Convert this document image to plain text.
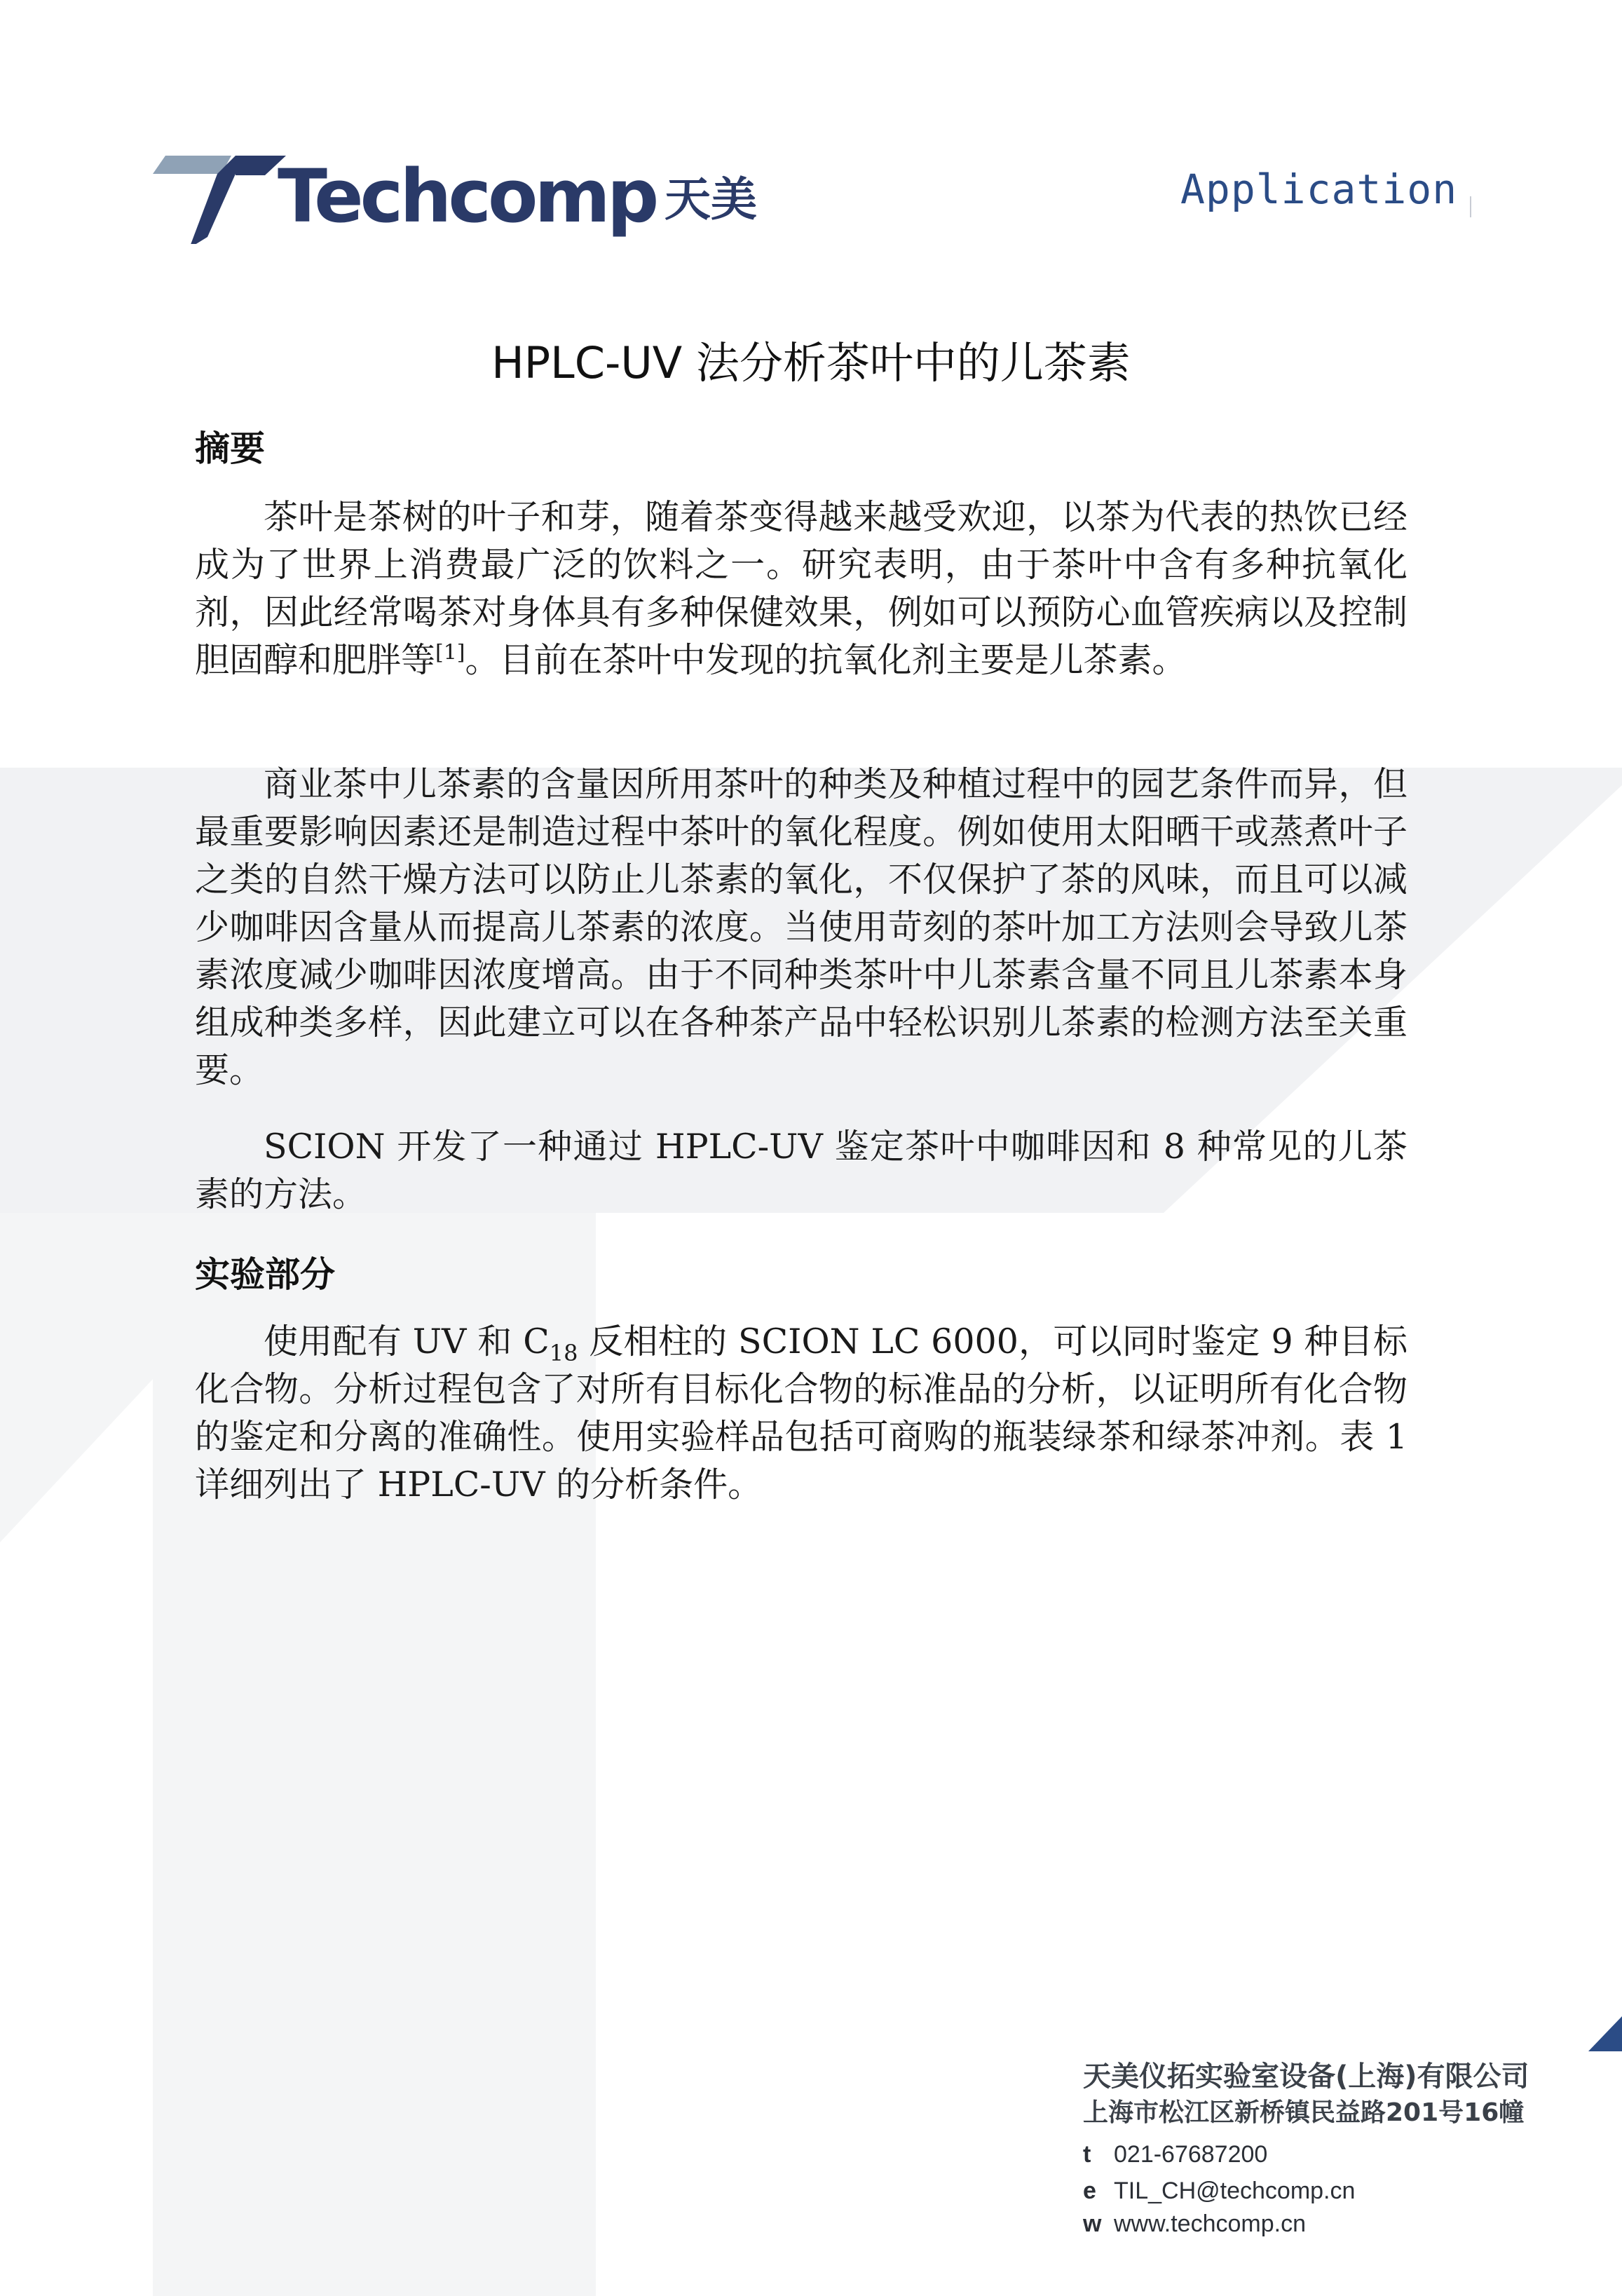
Techcomp 天美	Application
HPLC-UV 法分析茶叶中的儿茶素
摘要

茶叶是茶树的叶子和芽，随着茶变得越来越受欢迎，以茶为代表的热饮已经成为了世界上消费最广泛的饮料之一。研究表明，由于茶叶中含有多种抗氧化剂，因此经常喝茶对身体具有多种保健效果，例如可以预防心血管疾病以及控制胆固醇和肥胖等[1]。目前在茶叶中发现的抗氧化剂主要是儿茶素。

商业茶中儿茶素的含量因所用茶叶的种类及种植过程中的园艺条件而异，但最重要影响因素还是制造过程中茶叶的氧化程度。例如使用太阳晒干或蒸煮叶子之类的自然干燥方法可以防止儿茶素的氧化，不仅保护了茶的风味，而且可以减少咖啡因含量从而提高儿茶素的浓度。当使用苛刻的茶叶加工方法则会导致儿茶素浓度减少咖啡因浓度增高。由于不同种类茶叶中儿茶素含量不同且儿茶素本身组成种类多样，因此建立可以在各种茶产品中轻松识别儿茶素的检测方法至关重要。

SCION 开发了一种通过 HPLC-UV 鉴定茶叶中咖啡因和 8 种常见的儿茶素的方法。

实验部分

使用配有 UV 和 $C_{18}$ 反相柱的 SCION LC 6000，可以同时鉴定 9 种目标化合物。分析过程包含了对所有目标化合物的标准品的分析，以证明所有化合物的鉴定和分离的准确性。使用实验样品包括可商购的瓶装绿茶和绿茶冲剂。表 1 详细列出了 HPLC-UV 的分析条件。

天美仪拓实验室设备(上海)有限公司
上海市松江区新桥镇民益路201号16幢
t 021-67687200
e TIL_CH@techcomp.cn
w www.techcomp.cn
